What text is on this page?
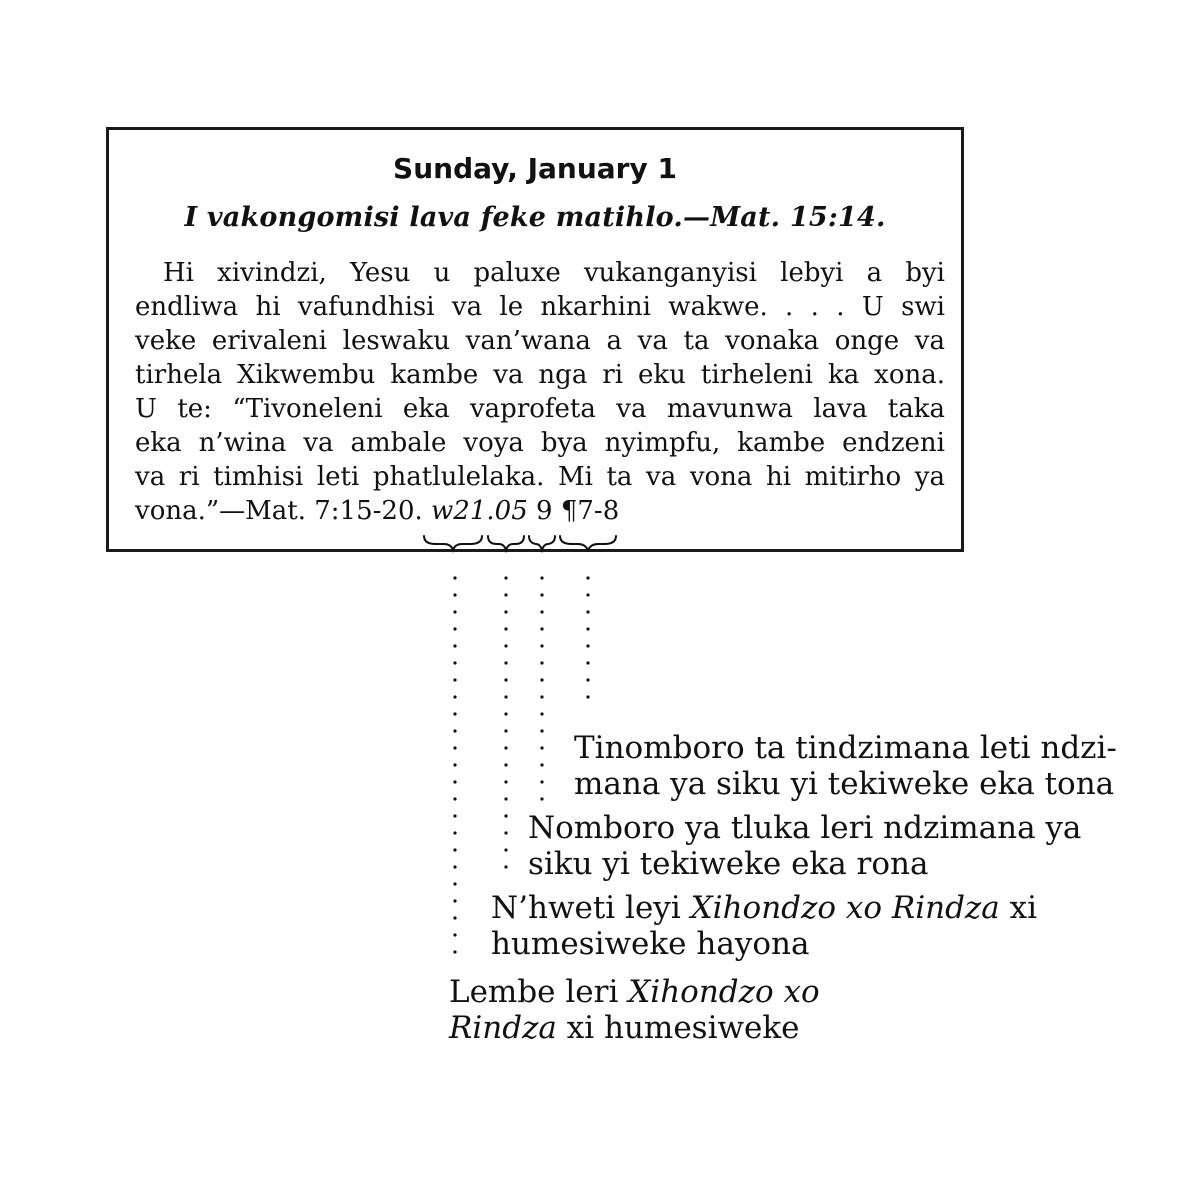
Sunday, January 1

I vakongomisi lava feke matihlo.—Mat. 15:14.

Hi xivindzi, Yesu u paluxe vukanganyisi lebyi a byi

endliwa hi vafundhisi va le nkarhini wakwe. . . . U swi

veke erivaleni leswaku van’wana a va ta vonaka onge va

tirhela Xikwembu kambe va nga ri eku tirheleni ka xona.

U te: “Tivoneleni eka vaprofeta va mavunwa lava taka

eka n’wina va ambale voya bya nyimpfu, kambe endzeni

va ri timhisi leti phatlulelaka. Mi ta va vona hi mitirho ya

vona.”—Mat. 7:15-20. w21.05 9 ¶7-8

Tinomboro ta tindzimana leti ndzi-
mana ya siku yi tekiweke eka tona
Nomboro ya tluka leri ndzimana ya
siku yi tekiweke eka rona
N’hweti leyi Xihondzo xo Rindza xi
humesiweke hayona
Lembe leri Xihondzo xo
Rindza xi humesiweke
